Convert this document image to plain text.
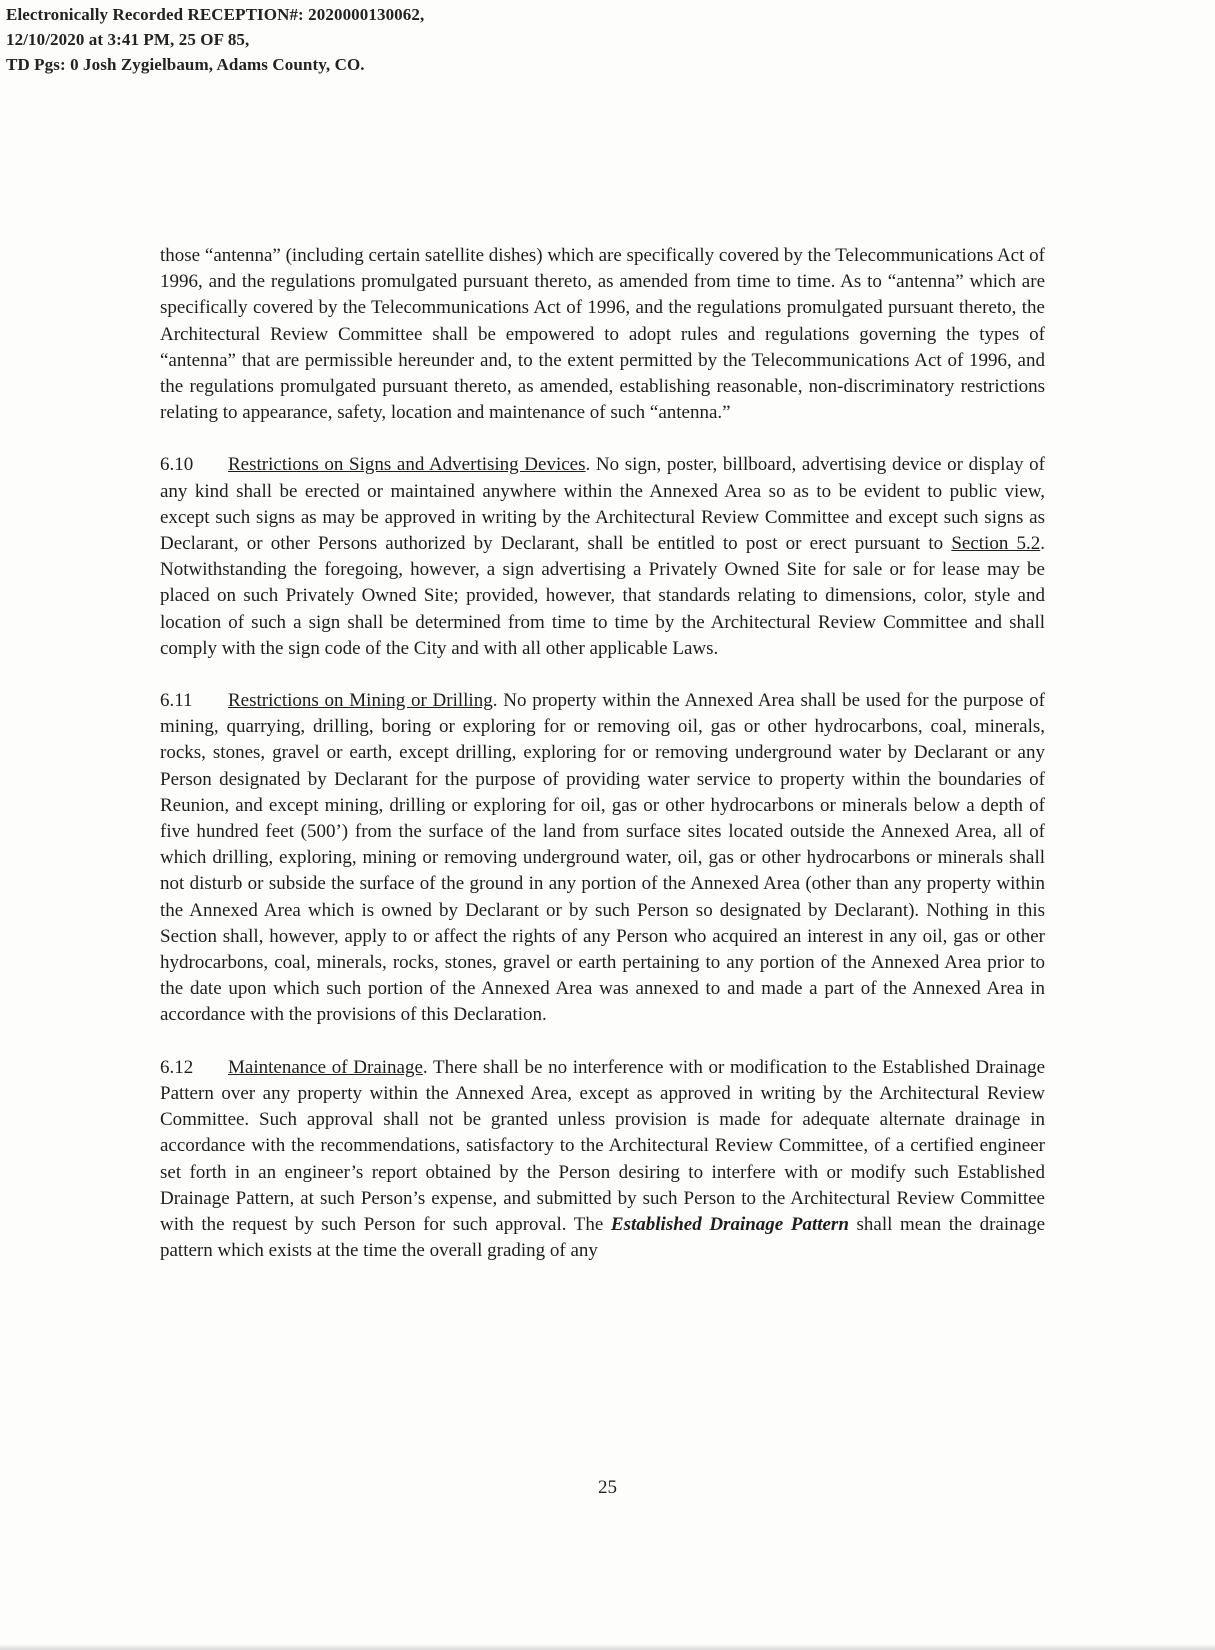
Electronically Recorded RECEPTION#: 2020000130062,
12/10/2020 at 3:41 PM, 25 OF 85,
TD Pgs: 0 Josh Zygielbaum, Adams County, CO.

those “antenna” (including certain satellite dishes) which are specifically covered by the Telecommunications Act of 1996, and the regulations promulgated pursuant thereto, as amended from time to time. As to “antenna” which are specifically covered by the Telecommunications Act of 1996, and the regulations promulgated pursuant thereto, the Architectural Review Committee shall be empowered to adopt rules and regulations governing the types of “antenna” that are permissible hereunder and, to the extent permitted by the Telecommunications Act of 1996, and the regulations promulgated pursuant thereto, as amended, establishing reasonable, non-discriminatory restrictions relating to appearance, safety, location and maintenance of such “antenna.”

6.10 Restrictions on Signs and Advertising Devices. No sign, poster, billboard, advertising device or display of any kind shall be erected or maintained anywhere within the Annexed Area so as to be evident to public view, except such signs as may be approved in writing by the Architectural Review Committee and except such signs as Declarant, or other Persons authorized by Declarant, shall be entitled to post or erect pursuant to Section 5.2. Notwithstanding the foregoing, however, a sign advertising a Privately Owned Site for sale or for lease may be placed on such Privately Owned Site; provided, however, that standards relating to dimensions, color, style and location of such a sign shall be determined from time to time by the Architectural Review Committee and shall comply with the sign code of the City and with all other applicable Laws.

6.11 Restrictions on Mining or Drilling. No property within the Annexed Area shall be used for the purpose of mining, quarrying, drilling, boring or exploring for or removing oil, gas or other hydrocarbons, coal, minerals, rocks, stones, gravel or earth, except drilling, exploring for or removing underground water by Declarant or any Person designated by Declarant for the purpose of providing water service to property within the boundaries of Reunion, and except mining, drilling or exploring for oil, gas or other hydrocarbons or minerals below a depth of five hundred feet (500’) from the surface of the land from surface sites located outside the Annexed Area, all of which drilling, exploring, mining or removing underground water, oil, gas or other hydrocarbons or minerals shall not disturb or subside the surface of the ground in any portion of the Annexed Area (other than any property within the Annexed Area which is owned by Declarant or by such Person so designated by Declarant). Nothing in this Section shall, however, apply to or affect the rights of any Person who acquired an interest in any oil, gas or other hydrocarbons, coal, minerals, rocks, stones, gravel or earth pertaining to any portion of the Annexed Area prior to the date upon which such portion of the Annexed Area was annexed to and made a part of the Annexed Area in accordance with the provisions of this Declaration.

6.12 Maintenance of Drainage. There shall be no interference with or modification to the Established Drainage Pattern over any property within the Annexed Area, except as approved in writing by the Architectural Review Committee. Such approval shall not be granted unless provision is made for adequate alternate drainage in accordance with the recommendations, satisfactory to the Architectural Review Committee, of a certified engineer set forth in an engineer’s report obtained by the Person desiring to interfere with or modify such Established Drainage Pattern, at such Person’s expense, and submitted by such Person to the Architectural Review Committee with the request by such Person for such approval. The Established Drainage Pattern shall mean the drainage pattern which exists at the time the overall grading of any

25
